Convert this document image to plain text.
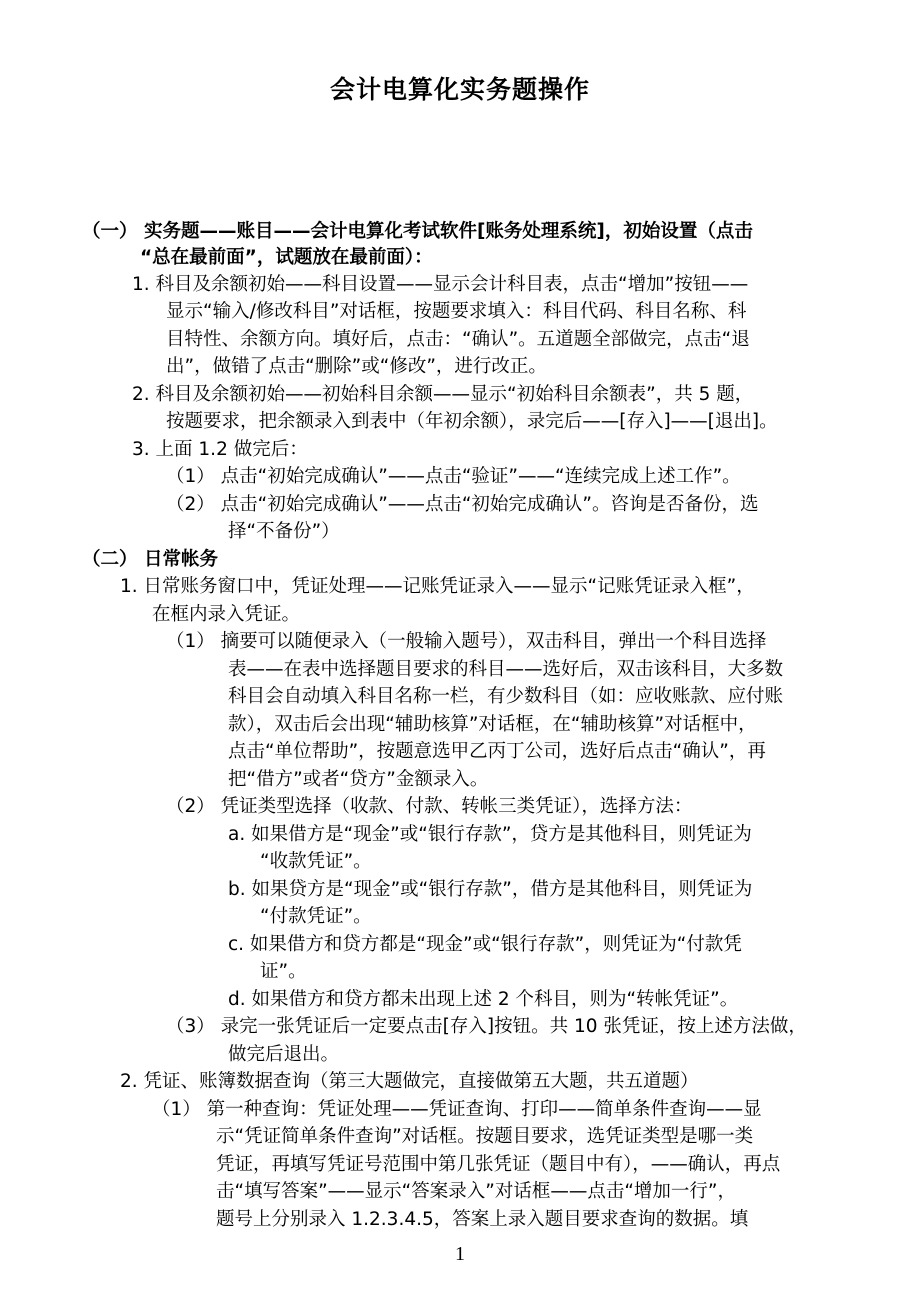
会计电算化实务题操作
（一） 实务题——账目——会计电算化考试软件[账务处理系统]，初始设置（点击
“总在最前面”，试题放在最前面）：
1. 科目及余额初始——科目设置——显示会计科目表，点击“增加”按钮——
显示“输入/修改科目”对话框，按题要求填入：科目代码、科目名称、科
目特性、余额方向。填好后，点击：“确认”。五道题全部做完，点击“退
出”，做错了点击“删除”或“修改”，进行改正。
2. 科目及余额初始——初始科目余额——显示“初始科目余额表”，共 5 题，
按题要求，把余额录入到表中（年初余额），录完后——[存入]——[退出]。
3. 上面 1.2 做完后：
（1） 点击“初始完成确认”——点击“验证”——“连续完成上述工作”。
（2） 点击“初始完成确认”——点击“初始完成确认”。咨询是否备份，选
择“不备份”）
（二） 日常帐务
1. 日常账务窗口中，凭证处理——记账凭证录入——显示“记账凭证录入框”，
在框内录入凭证。
（1） 摘要可以随便录入（一般输入题号），双击科目，弹出一个科目选择
表——在表中选择题目要求的科目——选好后，双击该科目，大多数
科目会自动填入科目名称一栏，有少数科目（如：应收账款、应付账
款），双击后会出现“辅助核算”对话框，在“辅助核算”对话框中，
点击“单位帮助”，按题意选甲乙丙丁公司，选好后点击“确认”，再
把“借方”或者“贷方”金额录入。
（2） 凭证类型选择（收款、付款、转帐三类凭证），选择方法：
a. 如果借方是“现金”或“银行存款”，贷方是其他科目，则凭证为
“收款凭证”。
b. 如果贷方是“现金”或“银行存款”，借方是其他科目，则凭证为
“付款凭证”。
c. 如果借方和贷方都是“现金”或“银行存款”，则凭证为“付款凭
证”。
d. 如果借方和贷方都未出现上述 2 个科目，则为“转帐凭证”。
（3） 录完一张凭证后一定要点击[存入]按钮。共 10 张凭证，按上述方法做，
做完后退出。
2. 凭证、账簿数据查询（第三大题做完，直接做第五大题，共五道题）
（1） 第一种查询：凭证处理——凭证查询、打印——简单条件查询——显
示“凭证简单条件查询”对话框。按题目要求，选凭证类型是哪一类
凭证，再填写凭证号范围中第几张凭证（题目中有），——确认，再点
击“填写答案”——显示“答案录入”对话框——点击“增加一行”，
题号上分别录入 1.2.3.4.5，答案上录入题目要求查询的数据。填
1
